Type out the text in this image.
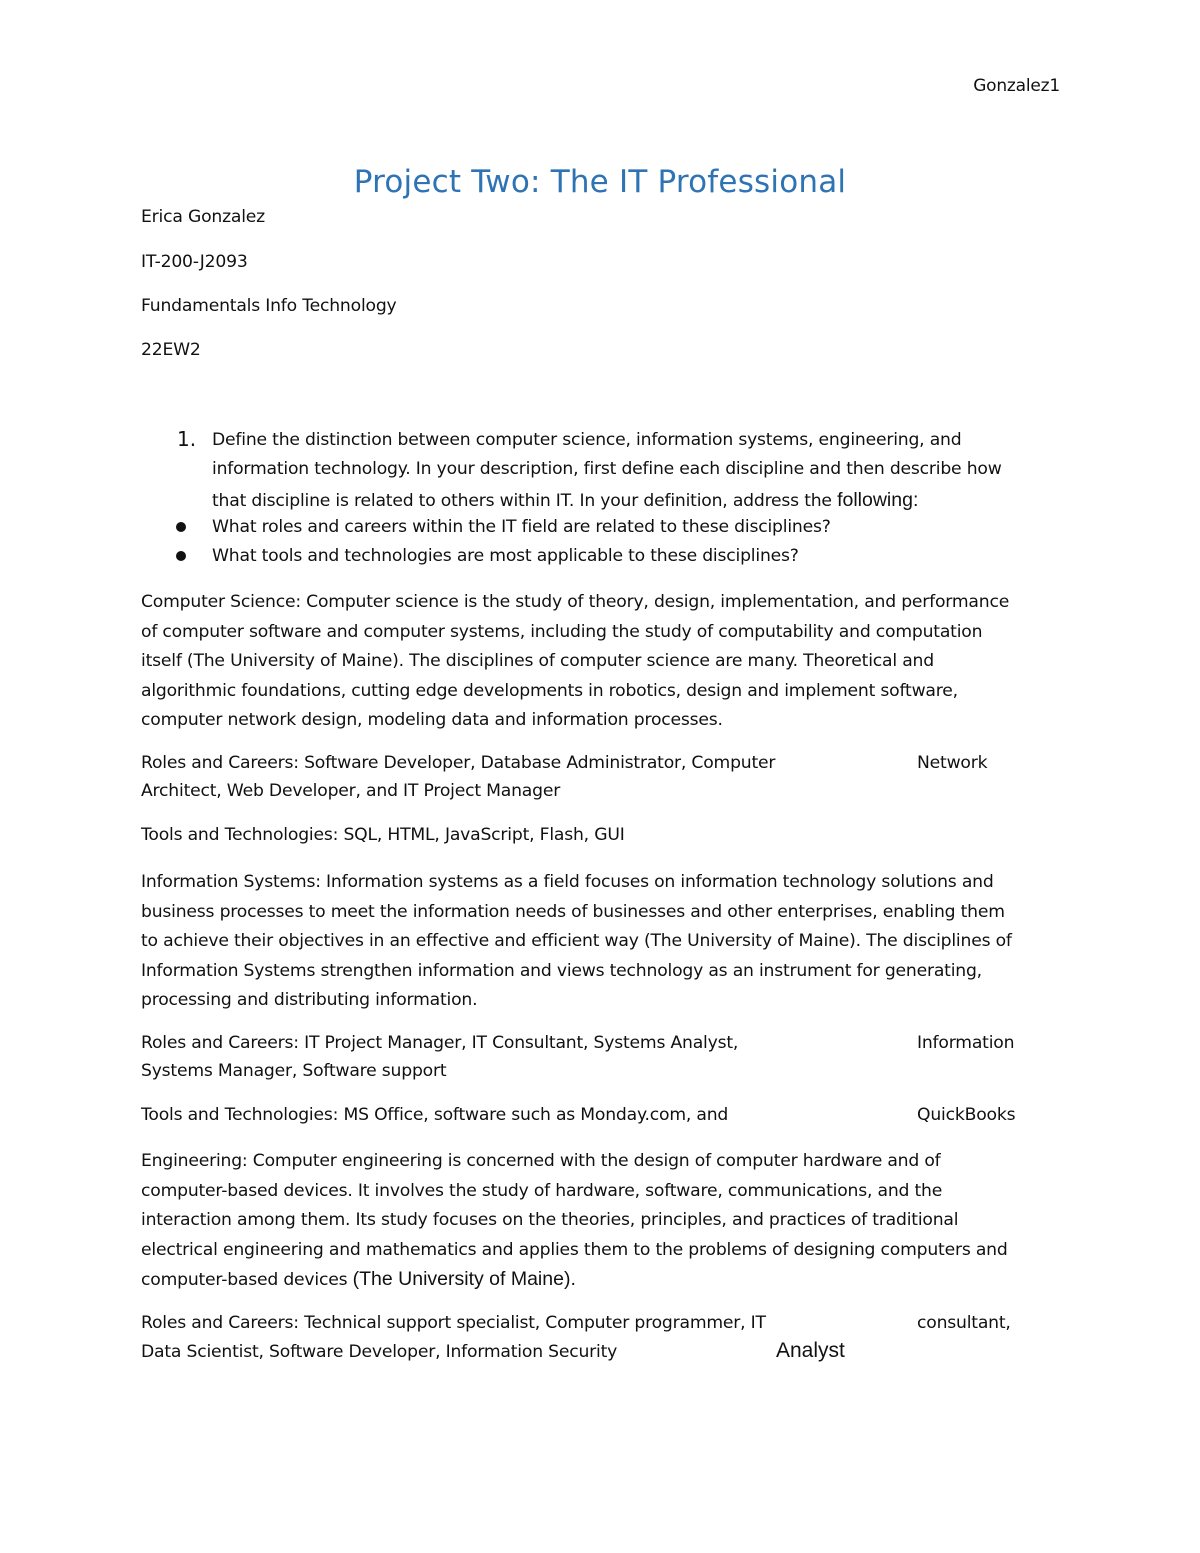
Gonzalez1
Project Two: The IT Professional
Erica Gonzalez
IT-200-J2093
Fundamentals Info Technology
22EW2
1. Define the distinction between computer science, information systems, engineering, and
information technology. In your description, first define each discipline and then describe how
that discipline is related to others within IT. In your definition, address the following:
What roles and careers within the IT field are related to these disciplines?
What tools and technologies are most applicable to these disciplines?
Computer Science: Computer science is the study of theory, design, implementation, and performance
of computer software and computer systems, including the study of computability and computation
itself (The University of Maine). The disciplines of computer science are many. Theoretical and
algorithmic foundations, cutting edge developments in robotics, design and implement software,
computer network design, modeling data and information processes.
Roles and Careers: Software Developer, Database Administrator, Computer	Network
Architect, Web Developer, and IT Project Manager
Tools and Technologies: SQL, HTML, JavaScript, Flash, GUI
Information Systems: Information systems as a field focuses on information technology solutions and
business processes to meet the information needs of businesses and other enterprises, enabling them
to achieve their objectives in an effective and efficient way (The University of Maine). The disciplines of
Information Systems strengthen information and views technology as an instrument for generating,
processing and distributing information.
Roles and Careers: IT Project Manager, IT Consultant, Systems Analyst,	Information
Systems Manager, Software support
Tools and Technologies: MS Office, software such as Monday.com, and	QuickBooks
Engineering: Computer engineering is concerned with the design of computer hardware and of
computer-based devices. It involves the study of hardware, software, communications, and the
interaction among them. Its study focuses on the theories, principles, and practices of traditional
electrical engineering and mathematics and applies them to the problems of designing computers and
computer-based devices (The University of Maine).
Roles and Careers: Technical support specialist, Computer programmer, IT	consultant,
Data Scientist, Software Developer, Information Security	Analyst
